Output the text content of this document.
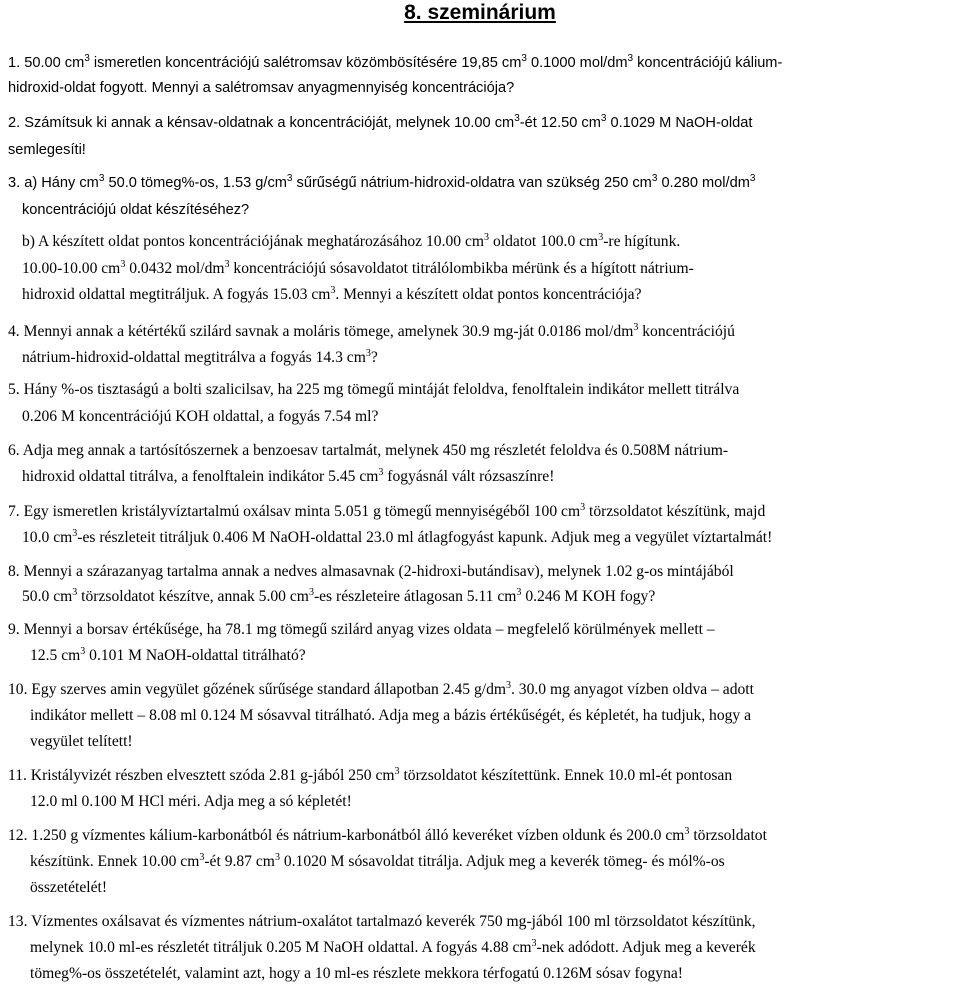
8. szeminárium
1. 50.00 $cm^3$ ismeretlen koncentrációjú salétromsav közömbösítésére 19,85 $cm^3$ 0.1000 mol/$dm^3$ koncentrációjú kálium-
hidroxid-oldat fogyott. Mennyi a salétromsav anyagmennyiség koncentrációja?
2. Számítsuk ki annak a kénsav-oldatnak a koncentrációját, melynek 10.00 $cm^3-ét$ 12.50 $cm^3$ 0.1029 M NaOH-oldat
semlegesíti!
3. a) Hány $cm^3$ 50.0 tömeg%-os, 1.53 $g/cm^3$ sűrűségű nátrium-hidroxid-oldatra van szükség 250 $cm^3$ 0.280 mol/$dm^3$
koncentrációjú oldat készítéséhez?
b) A készített oldat pontos koncentrációjának meghatározásához 10.00 $cm^3$ oldatot 100.0 $cm^3-re$ hígítunk.
10.00-10.00 $cm^3$ 0.0432 mol/$dm^3$ koncentrációjú sósavoldatot titrálólombikba mérünk és a hígított nátrium-
hidroxid oldattal megtitráljuk. A fogyás 15.03 $cm^3$. Mennyi a készített oldat pontos koncentrációja?
4. Mennyi annak a kétértékű szilárd savnak a moláris tömege, amelynek 30.9 mg-ját 0.0186 mol/$dm^3$ koncentrációjú
nátrium-hidroxid-oldattal megtitrálva a fogyás 14.3 $cm^3$?
5. Hány %-os tisztaságú a bolti szalicilsav, ha 225 mg tömegű mintáját feloldva, fenolftalein indikátor mellett titrálva
0.206 M koncentrációjú KOH oldattal, a fogyás 7.54 ml?
6. Adja meg annak a tartósítószernek a benzoesav tartalmát, melynek 450 mg részletét feloldva és 0.508M nátrium-
hidroxid oldattal titrálva, a fenolftalein indikátor 5.45 $cm^3$ fogyásnál vált rózsaszínre!
7. Egy ismeretlen kristályvíztartalmú oxálsav minta 5.051 g tömegű mennyiségéből 100 $cm^3$ törzsoldatot készítünk, majd
10.0 $cm^3-es$ részleteit titráljuk 0.406 M NaOH-oldattal 23.0 ml átlagfogyást kapunk. Adjuk meg a vegyület víztartalmát!
8. Mennyi a szárazanyag tartalma annak a nedves almasavnak (2-hidroxi-butándisav), melynek 1.02 g-os mintájából
50.0 $cm^3$ törzsoldatot készítve, annak 5.00 $cm^3-es$ részleteire átlagosan 5.11 $cm^3$ 0.246 M KOH fogy?
9. Mennyi a borsav értékűsége, ha 78.1 mg tömegű szilárd anyag vizes oldata – megfelelő körülmények mellett –
12.5 $cm^3$ 0.101 M NaOH-oldattal titrálható?
10. Egy szerves amin vegyület gőzének sűrűsége standard állapotban 2.45 $g/dm^3$. 30.0 mg anyagot vízben oldva – adott
indikátor mellett – 8.08 ml 0.124 M sósavval titrálható. Adja meg a bázis értékűségét, és képletét, ha tudjuk, hogy a
vegyület telített!
11. Kristályvizét részben elvesztett szóda 2.81 g-jából 250 $cm^3$ törzsoldatot készítettünk. Ennek 10.0 ml-ét pontosan
12.0 ml 0.100 M HCl méri. Adja meg a só képletét!
12. 1.250 g vízmentes kálium-karbonátból és nátrium-karbonátból álló keveréket vízben oldunk és 200.0 $cm^3$ törzsoldatot
készítünk. Ennek 10.00 $cm^3-ét$ 9.87 $cm^3$ 0.1020 M sósavoldat titrálja. Adjuk meg a keverék tömeg- és mól%-os
összetételét!
13. Vízmentes oxálsavat és vízmentes nátrium-oxalátot tartalmazó keverék 750 mg-jából 100 ml törzsoldatot készítünk,
melynek 10.0 ml-es részletét titráljuk 0.205 M NaOH oldattal. A fogyás 4.88 $cm^3$-nek adódott. Adjuk meg a keverék
tömeg%-os összetételét, valamint azt, hogy a 10 ml-es részlete mekkora térfogatú 0.126M sósav fogyna!
